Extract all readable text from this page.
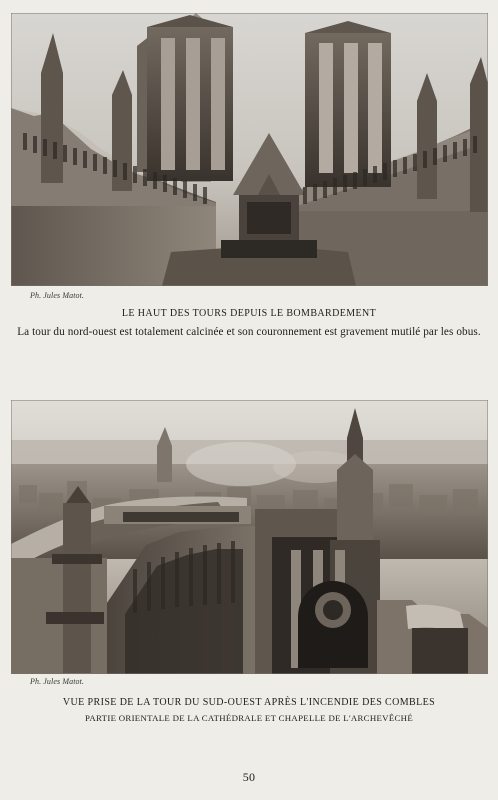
Ph. Jules Matot.
LE HAUT DES TOURS DEPUIS LE BOMBARDEMENT
La tour du nord-ouest est totalement calcinée et son couronnement est gravement mutilé par les obus.
Ph. Jules Matot.
VUE PRISE DE LA TOUR DU SUD-OUEST APRÈS L'INCENDIE DES COMBLES
PARTIE ORIENTALE DE LA CATHÉDRALE ET CHAPELLE DE L'ARCHEVÊCHÉ
50
